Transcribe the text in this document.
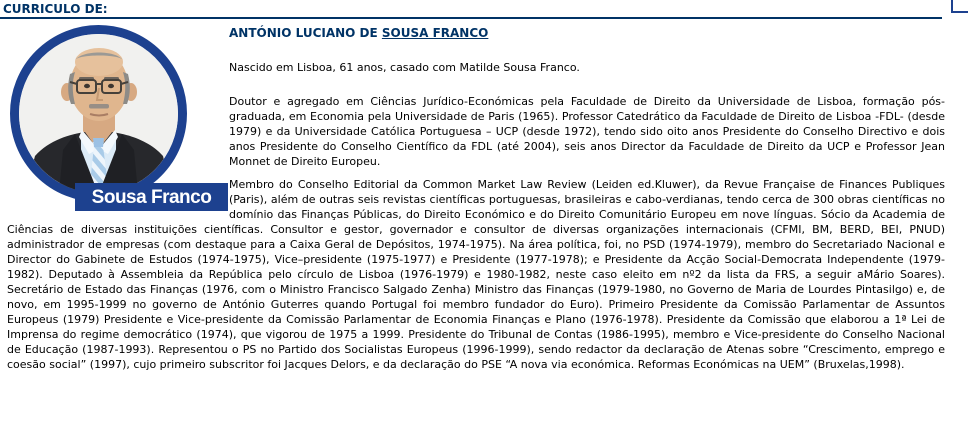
CURRICULO DE:
Sousa Franco
ANTÓNIO LUCIANO DE SOUSA FRANCO

Nascido em Lisboa, 61 anos, casado com Matilde Sousa Franco.

Doutor e agregado em Ciências Jurídico-Económicas pela Faculdade de Direito da Universidade de Lisboa, formação pós-graduada, em Economia pela Universidade de Paris (1965). Professor Catedrático da Faculdade de Direito de Lisboa -FDL- (desde 1979) e da Universidade Católica Portuguesa – UCP (desde 1972), tendo sido oito anos Presidente do Conselho Directivo e dois anos Presidente do Conselho Científico da FDL (até 2004), seis anos Director da Faculdade de Direito da UCP e Professor Jean Monnet de Direito Europeu.

Membro do Conselho Editorial da Common Market Law Review (Leiden ed.Kluwer), da Revue Française de Finances Publiques (Paris), além de outras seis revistas científicas portuguesas, brasileiras e cabo-verdianas, tendo cerca de 300 obras científicas no domínio das Finanças Públicas, do Direito Económico e do Direito Comunitário Europeu em nove línguas. Sócio da Academia de Ciências de diversas instituições científicas. Consultor e gestor, governador e consultor de diversas organizações internacionais (CFMI, BM, BERD, BEI, PNUD) administrador de empresas (com destaque para a Caixa Geral de Depósitos, 1974-1975). Na área política, foi, no PSD (1974-1979), membro do Secretariado Nacional e Director do Gabinete de Estudos (1974-1975), Vice–presidente (1975-1977) e Presidente (1977-1978); e Presidente da Acção Social-Democrata Independente (1979-1982). Deputado à Assembleia da República pelo círculo de Lisboa (1976-1979) e 1980-1982, neste caso eleito em nº2 da lista da FRS, a seguir aMário Soares). Secretário de Estado das Finanças (1976, com o Ministro Francisco Salgado Zenha) Ministro das Finanças (1979-1980, no Governo de Maria de Lourdes Pintasilgo) e, de novo, em 1995-1999 no governo de António Guterres quando Portugal foi membro fundador do Euro). Primeiro Presidente da Comissão Parlamentar de Assuntos Europeus (1979) Presidente e Vice-presidente da Comissão Parlamentar de Economia Finanças e Plano (1976-1978). Presidente da Comissão que elaborou a 1ª Lei de Imprensa do regime democrático (1974), que vigorou de 1975 a 1999. Presidente do Tribunal de Contas (1986-1995), membro e Vice-presidente do Conselho Nacional de Educação (1987-1993). Representou o PS no Partido dos Socialistas Europeus (1996-1999), sendo redactor da declaração de Atenas sobre “Crescimento, emprego e coesão social” (1997), cujo primeiro subscritor foi Jacques Delors, e da declaração do PSE “A nova via económica. Reformas Económicas na UEM” (Bruxelas,1998).
